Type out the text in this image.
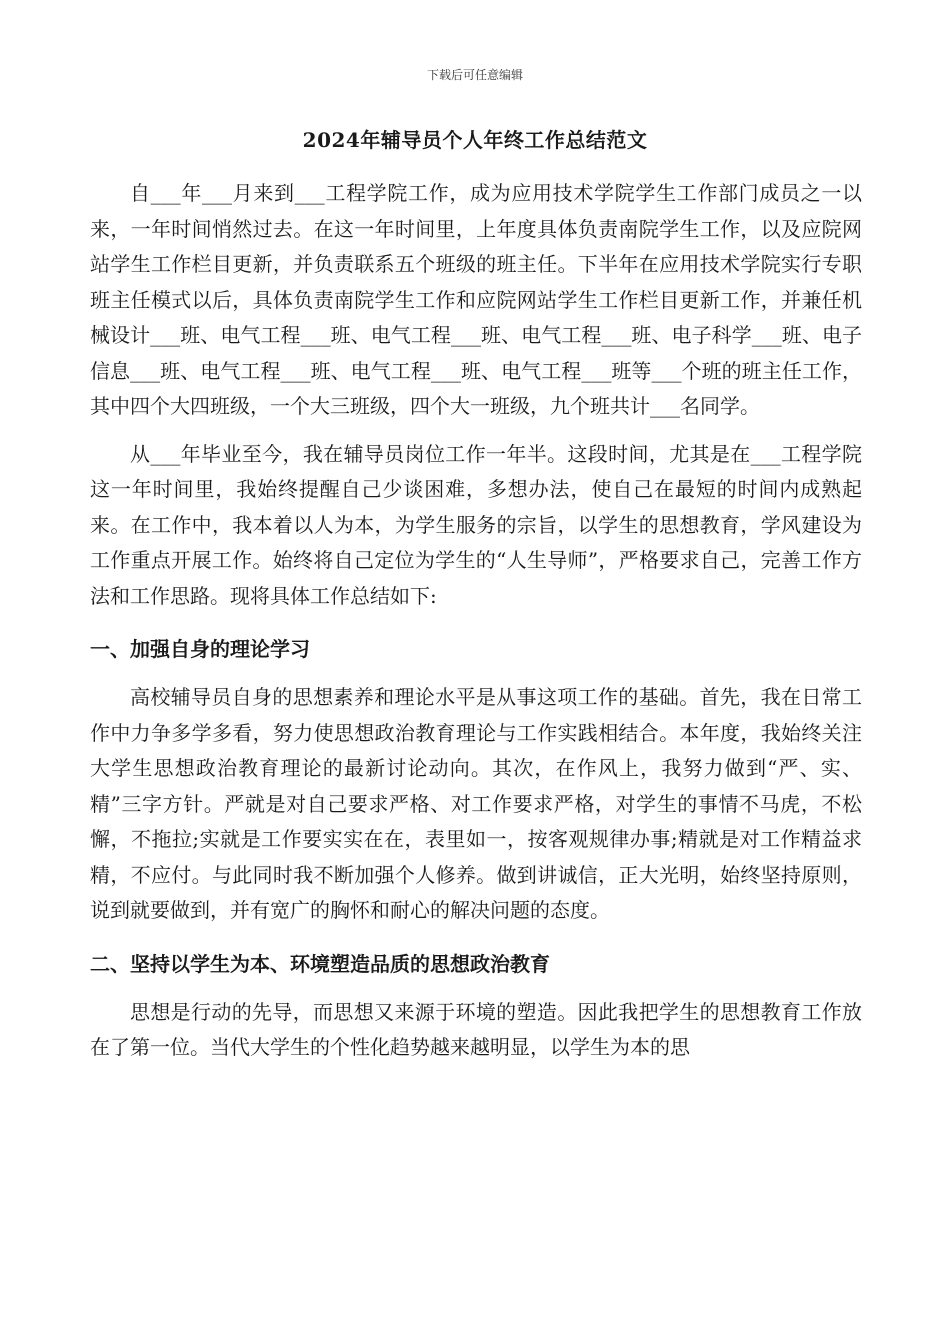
下载后可任意编辑
2024年辅导员个人年终工作总结范文

自___年___月来到___工程学院工作，成为应用技术学院学生工作部门成员之一以来，一年时间悄然过去。在这一年时间里，上年度具体负责南院学生工作，以及应院网站学生工作栏目更新，并负责联系五个班级的班主任。下半年在应用技术学院实行专职班主任模式以后，具体负责南院学生工作和应院网站学生工作栏目更新工作，并兼任机械设计___班、电气工程___班、电气工程___班、电气工程___班、电子科学___班、电子信息___班、电气工程___班、电气工程___班、电气工程___班等___个班的班主任工作，其中四个大四班级，一个大三班级，四个大一班级，九个班共计___名同学。

从___年毕业至今，我在辅导员岗位工作一年半。这段时间，尤其是在___工程学院这一年时间里，我始终提醒自己少谈困难，多想办法，使自己在最短的时间内成熟起来。在工作中，我本着以人为本，为学生服务的宗旨，以学生的思想教育，学风建设为工作重点开展工作。始终将自己定位为学生的“人生导师”，严格要求自己，完善工作方法和工作思路。现将具体工作总结如下:

一、加强自身的理论学习

高校辅导员自身的思想素养和理论水平是从事这项工作的基础。首先，我在日常工作中力争多学多看，努力使思想政治教育理论与工作实践相结合。本年度，我始终关注大学生思想政治教育理论的最新讨论动向。其次，在作风上，我努力做到“严、实、精”三字方针。严就是对自己要求严格、对工作要求严格，对学生的事情不马虎，不松懈，不拖拉;实就是工作要实实在在，表里如一，按客观规律办事;精就是对工作精益求精，不应付。与此同时我不断加强个人修养。做到讲诚信，正大光明，始终坚持原则，说到就要做到，并有宽广的胸怀和耐心的解决问题的态度。

二、坚持以学生为本、环境塑造品质的思想政治教育

思想是行动的先导，而思想又来源于环境的塑造。因此我把学生的思想教育工作放在了第一位。当代大学生的个性化趋势越来越明显，以学生为本的思
